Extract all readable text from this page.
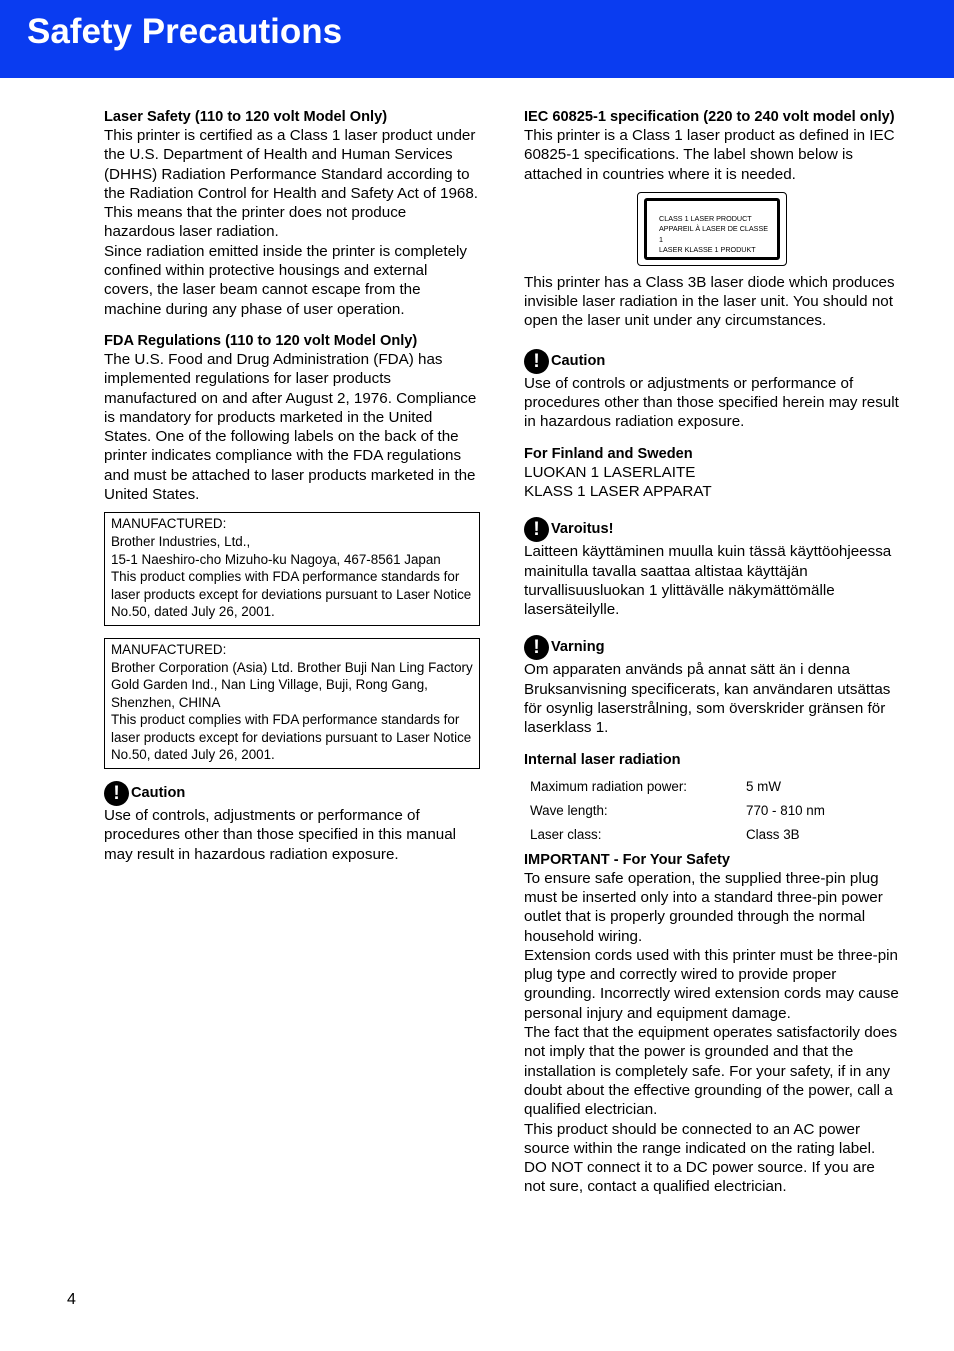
Safety Precautions
Laser Safety (110 to 120 volt Model Only)

This printer is certified as a Class 1 laser product under the U.S. Department of Health and Human Services (DHHS) Radiation Performance Standard according to the Radiation Control for Health and Safety Act of 1968. This means that the printer does not produce hazardous laser radiation.

Since radiation emitted inside the printer is completely confined within protective housings and external covers, the laser beam cannot escape from the machine during any phase of user operation.

FDA Regulations (110 to 120 volt Model Only)

The U.S. Food and Drug Administration (FDA) has implemented regulations for laser products manufactured on and after August 2, 1976. Compliance is mandatory for products marketed in the United States. One of the following labels on the back of the printer indicates compliance with the FDA regulations and must be attached to laser products marketed in the United States.

MANUFACTURED:
Brother Industries, Ltd.,
15-1 Naeshiro-cho Mizuho-ku Nagoya, 467-8561 Japan
This product complies with FDA performance standards for laser products except for deviations pursuant to Laser Notice No.50, dated July 26, 2001.
MANUFACTURED:
Brother Corporation (Asia) Ltd. Brother Buji Nan Ling Factory Gold Garden Ind., Nan Ling Village, Buji, Rong Gang, Shenzhen, CHINA
This product complies with FDA performance standards for laser products except for deviations pursuant to Laser Notice No.50, dated July 26, 2001.
! Caution

Use of controls, adjustments or performance of procedures other than those specified in this manual may result in hazardous radiation exposure.

IEC 60825-1 specification (220 to 240 volt model only)

This printer is a Class 1 laser product as defined in IEC 60825-1 specifications. The label shown below is attached in countries where it is needed.

CLASS 1 LASER PRODUCT
APPAREIL À LASER DE CLASSE 1
LASER KLASSE 1 PRODUKT

This printer has a Class 3B laser diode which produces invisible laser radiation in the laser unit. You should not open the laser unit under any circumstances.

! Caution

Use of controls or adjustments or performance of procedures other than those specified herein may result in hazardous radiation exposure.

For Finland and Sweden

LUOKAN 1 LASERLAITE

KLASS 1 LASER APPARAT

! Varoitus!

Laitteen käyttäminen muulla kuin tässä käyttöohjeessa mainitulla tavalla saattaa altistaa käyttäjän turvallisuusluokan 1 ylittävälle näkymättömälle lasersäteilylle.

! Varning

Om apparaten används på annat sätt än i denna Bruksanvisning specificerats, kan användaren utsättas för osynlig laserstrålning, som överskrider gränsen för laserklass 1.

Internal laser radiation
Maximum radiation power:	5 mW
Wave length:	770 - 810 nm
Laser class:	Class 3B
IMPORTANT - For Your Safety

To ensure safe operation, the supplied three-pin plug must be inserted only into a standard three-pin power outlet that is properly grounded through the normal household wiring.

Extension cords used with this printer must be three-pin plug type and correctly wired to provide proper grounding. Incorrectly wired extension cords may cause personal injury and equipment damage.

The fact that the equipment operates satisfactorily does not imply that the power is grounded and that the installation is completely safe. For your safety, if in any doubt about the effective grounding of the power, call a qualified electrician.

This product should be connected to an AC power source within the range indicated on the rating label. DO NOT connect it to a DC power source. If you are not sure, contact a qualified electrician.

4
